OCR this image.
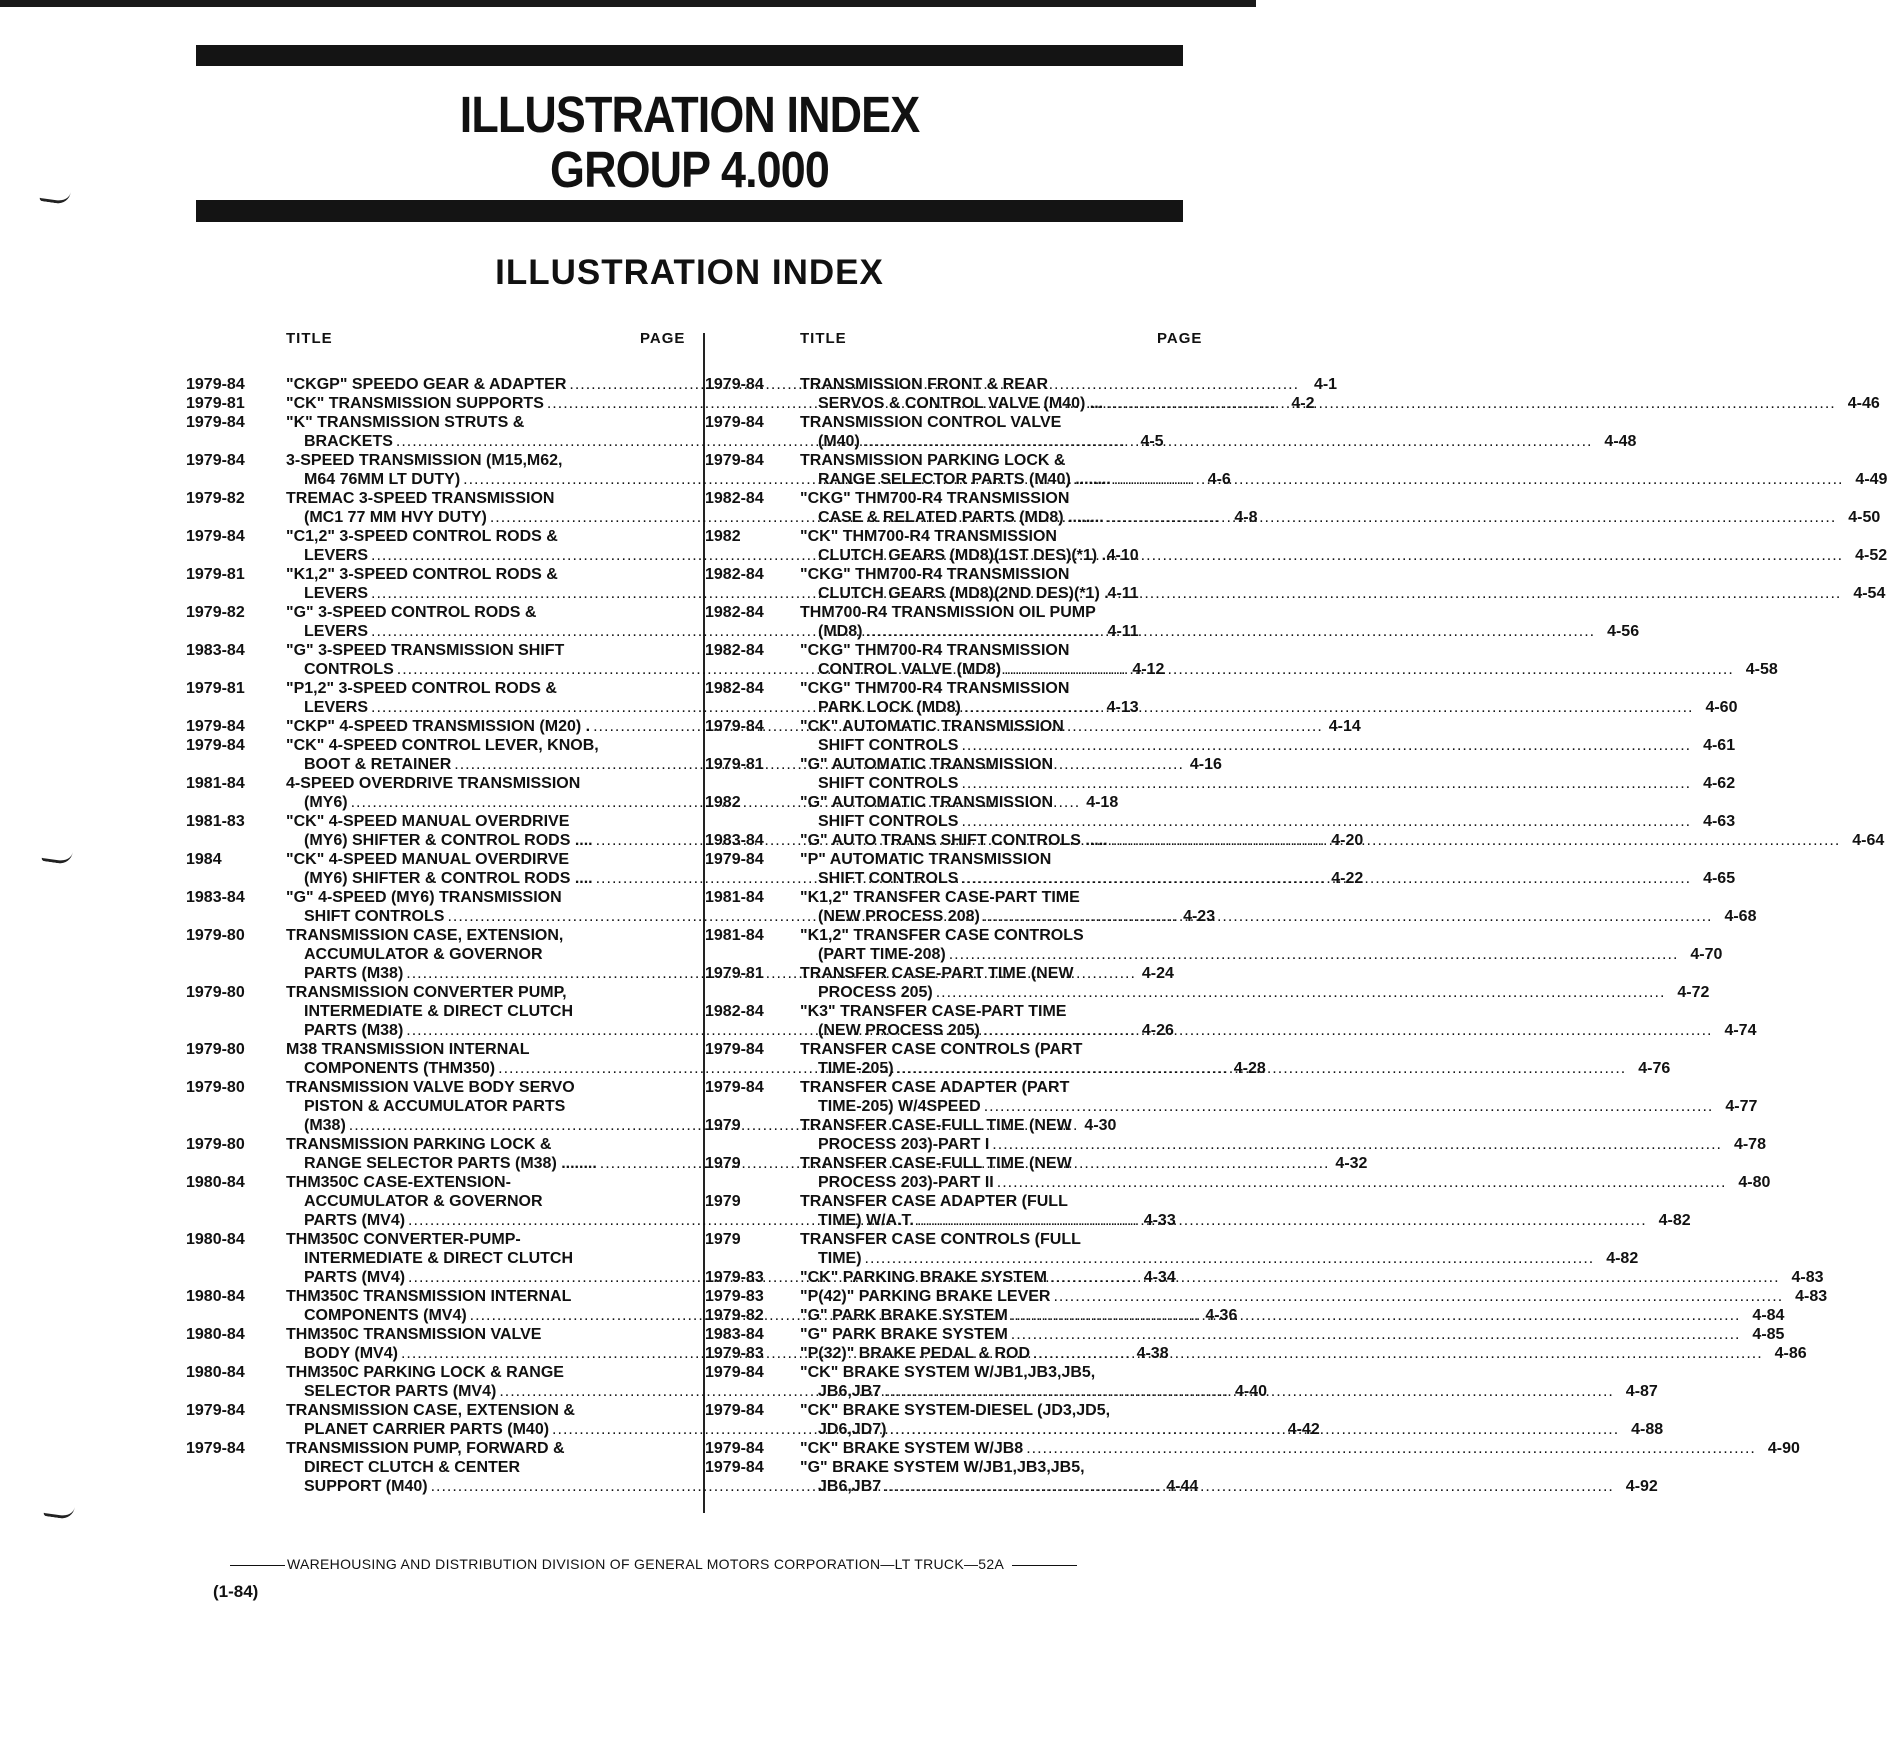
ILLUSTRATION INDEX
GROUP 4.000
ILLUSTRATION INDEX
TITLE	PAGE	TITLE	PAGE
1979-84	"CKGP" SPEEDO GEAR & ADAPTER .....	4-1
1979-81	"CK" TRANSMISSION SUPPORTS .....	4-2
1979-84	"K" TRANSMISSION STRUTS &
BRACKETS .....	4-5
1979-84	3-SPEED TRANSMISSION (M15,M62,
M64 76MM LT DUTY) .....	4-6
1979-82	TREMAC 3-SPEED TRANSMISSION
(MC1 77 MM HVY DUTY) .....	4-8
1979-84	"C1,2" 3-SPEED CONTROL RODS &
LEVERS .....	4-10
1979-81	"K1,2" 3-SPEED CONTROL RODS &
LEVERS .....	4-11
1979-82	"G" 3-SPEED CONTROL RODS &
LEVERS .....	4-11
1983-84	"G" 3-SPEED TRANSMISSION SHIFT
CONTROLS .....	4-12
1979-81	"P1,2" 3-SPEED CONTROL RODS &
LEVERS .....	4-13
1979-84	"CKP" 4-SPEED TRANSMISSION (M20) . .....	4-14
1979-84	"CK" 4-SPEED CONTROL LEVER, KNOB,
BOOT & RETAINER .....	4-16
1981-84	4-SPEED OVERDRIVE TRANSMISSION
(MY6) .....	4-18
1981-83	"CK" 4-SPEED MANUAL OVERDRIVE
(MY6) SHIFTER & CONTROL RODS .... .....	4-20
1984	"CK" 4-SPEED MANUAL OVERDIRVE
(MY6) SHIFTER & CONTROL RODS .... .....	4-22
1983-84	"G" 4-SPEED (MY6) TRANSMISSION
SHIFT CONTROLS .....	4-23
1979-80	TRANSMISSION CASE, EXTENSION,
ACCUMULATOR & GOVERNOR
PARTS (M38) .....	4-24
1979-80	TRANSMISSION CONVERTER PUMP,
INTERMEDIATE & DIRECT CLUTCH
PARTS (M38) .....	4-26
1979-80	M38 TRANSMISSION INTERNAL
COMPONENTS (THM350) .....	4-28
1979-80	TRANSMISSION VALVE BODY SERVO
PISTON & ACCUMULATOR PARTS
(M38) .....	4-30
1979-80	TRANSMISSION PARKING LOCK &
RANGE SELECTOR PARTS (M38) ........ .....	4-32
1980-84	THM350C CASE-EXTENSION-
ACCUMULATOR & GOVERNOR
PARTS (MV4) .....	4-33
1980-84	THM350C CONVERTER-PUMP-
INTERMEDIATE & DIRECT CLUTCH
PARTS (MV4) .....	4-34
1980-84	THM350C TRANSMISSION INTERNAL
COMPONENTS (MV4) .....	4-36
1980-84	THM350C TRANSMISSION VALVE
BODY (MV4) .....	4-38
1980-84	THM350C PARKING LOCK & RANGE
SELECTOR PARTS (MV4) .....	4-40
1979-84	TRANSMISSION CASE, EXTENSION &
PLANET CARRIER PARTS (M40) .....	4-42
1979-84	TRANSMISSION PUMP, FORWARD &
DIRECT CLUTCH & CENTER
SUPPORT (M40) .....	4-44
1979-84	TRANSMISSION FRONT & REAR
SERVOS & CONTROL VALVE (M40) ... .....	4-46
1979-84	TRANSMISSION CONTROL VALVE
(M40) .....	4-48
1979-84	TRANSMISSION PARKING LOCK &
RANGE SELECTOR PARTS (M40) ........ .....	4-49
1982-84	"CKG" THM700-R4 TRANSMISSION
CASE & RELATED PARTS (MD8) ........ .....	4-50
1982	"CK" THM700-R4 TRANSMISSION
CLUTCH GEARS (MD8)(1ST DES)(*1) .. .....	4-52
1982-84	"CKG" THM700-R4 TRANSMISSION
CLUTCH GEARS (MD8)(2ND DES)(*1) . .....	4-54
1982-84	THM700-R4 TRANSMISSION OIL PUMP
(MD8) .....	4-56
1982-84	"CKG" THM700-R4 TRANSMISSION
CONTROL VALVE (MD8) .....	4-58
1982-84	"CKG" THM700-R4 TRANSMISSION
PARK LOCK (MD8) .....	4-60
1979-84	"CK" AUTOMATIC TRANSMISSION
SHIFT CONTROLS .....	4-61
1979-81	"G" AUTOMATIC TRANSMISSION
SHIFT CONTROLS .....	4-62
1982	"G" AUTOMATIC TRANSMISSION
SHIFT CONTROLS .....	4-63
1983-84	"G" AUTO TRANS SHIFT CONTROLS ..... .....	4-64
1979-84	"P" AUTOMATIC TRANSMISSION
SHIFT CONTROLS .....	4-65
1981-84	"K1,2" TRANSFER CASE-PART TIME
(NEW PROCESS 208) .....	4-68
1981-84	"K1,2" TRANSFER CASE CONTROLS
(PART TIME-208) .....	4-70
1979-81	TRANSFER CASE-PART TIME (NEW
PROCESS 205) .....	4-72
1982-84	"K3" TRANSFER CASE-PART TIME
(NEW PROCESS 205) .....	4-74
1979-84	TRANSFER CASE CONTROLS (PART
TIME-205) .....	4-76
1979-84	TRANSFER CASE ADAPTER (PART
TIME-205) W/4SPEED .....	4-77
1979	TRANSFER CASE-FULL TIME (NEW
PROCESS 203)-PART I .....	4-78
1979	TRANSFER CASE-FULL TIME (NEW
PROCESS 203)-PART II .....	4-80
1979	TRANSFER CASE ADAPTER (FULL
TIME) W/A.T. .....	4-82
1979	TRANSFER CASE CONTROLS (FULL
TIME) .....	4-82
1979-83	"CK" PARKING BRAKE SYSTEM .....	4-83
1979-83	"P(42)" PARKING BRAKE LEVER .....	4-83
1979-82	"G" PARK BRAKE SYSTEM .....	4-84
1983-84	"G" PARK BRAKE SYSTEM .....	4-85
1979-83	"P(32)" BRAKE PEDAL & ROD .....	4-86
1979-84	"CK" BRAKE SYSTEM W/JB1,JB3,JB5,
JB6,JB7 .....	4-87
1979-84	"CK" BRAKE SYSTEM-DIESEL (JD3,JD5,
JD6,JD7) .....	4-88
1979-84	"CK" BRAKE SYSTEM W/JB8 .....	4-90
1979-84	"G" BRAKE SYSTEM W/JB1,JB3,JB5,
JB6,JB7 .....	4-92
WAREHOUSING AND DISTRIBUTION DIVISION OF GENERAL MOTORS CORPORATION—LT TRUCK—52A
(1-84)
